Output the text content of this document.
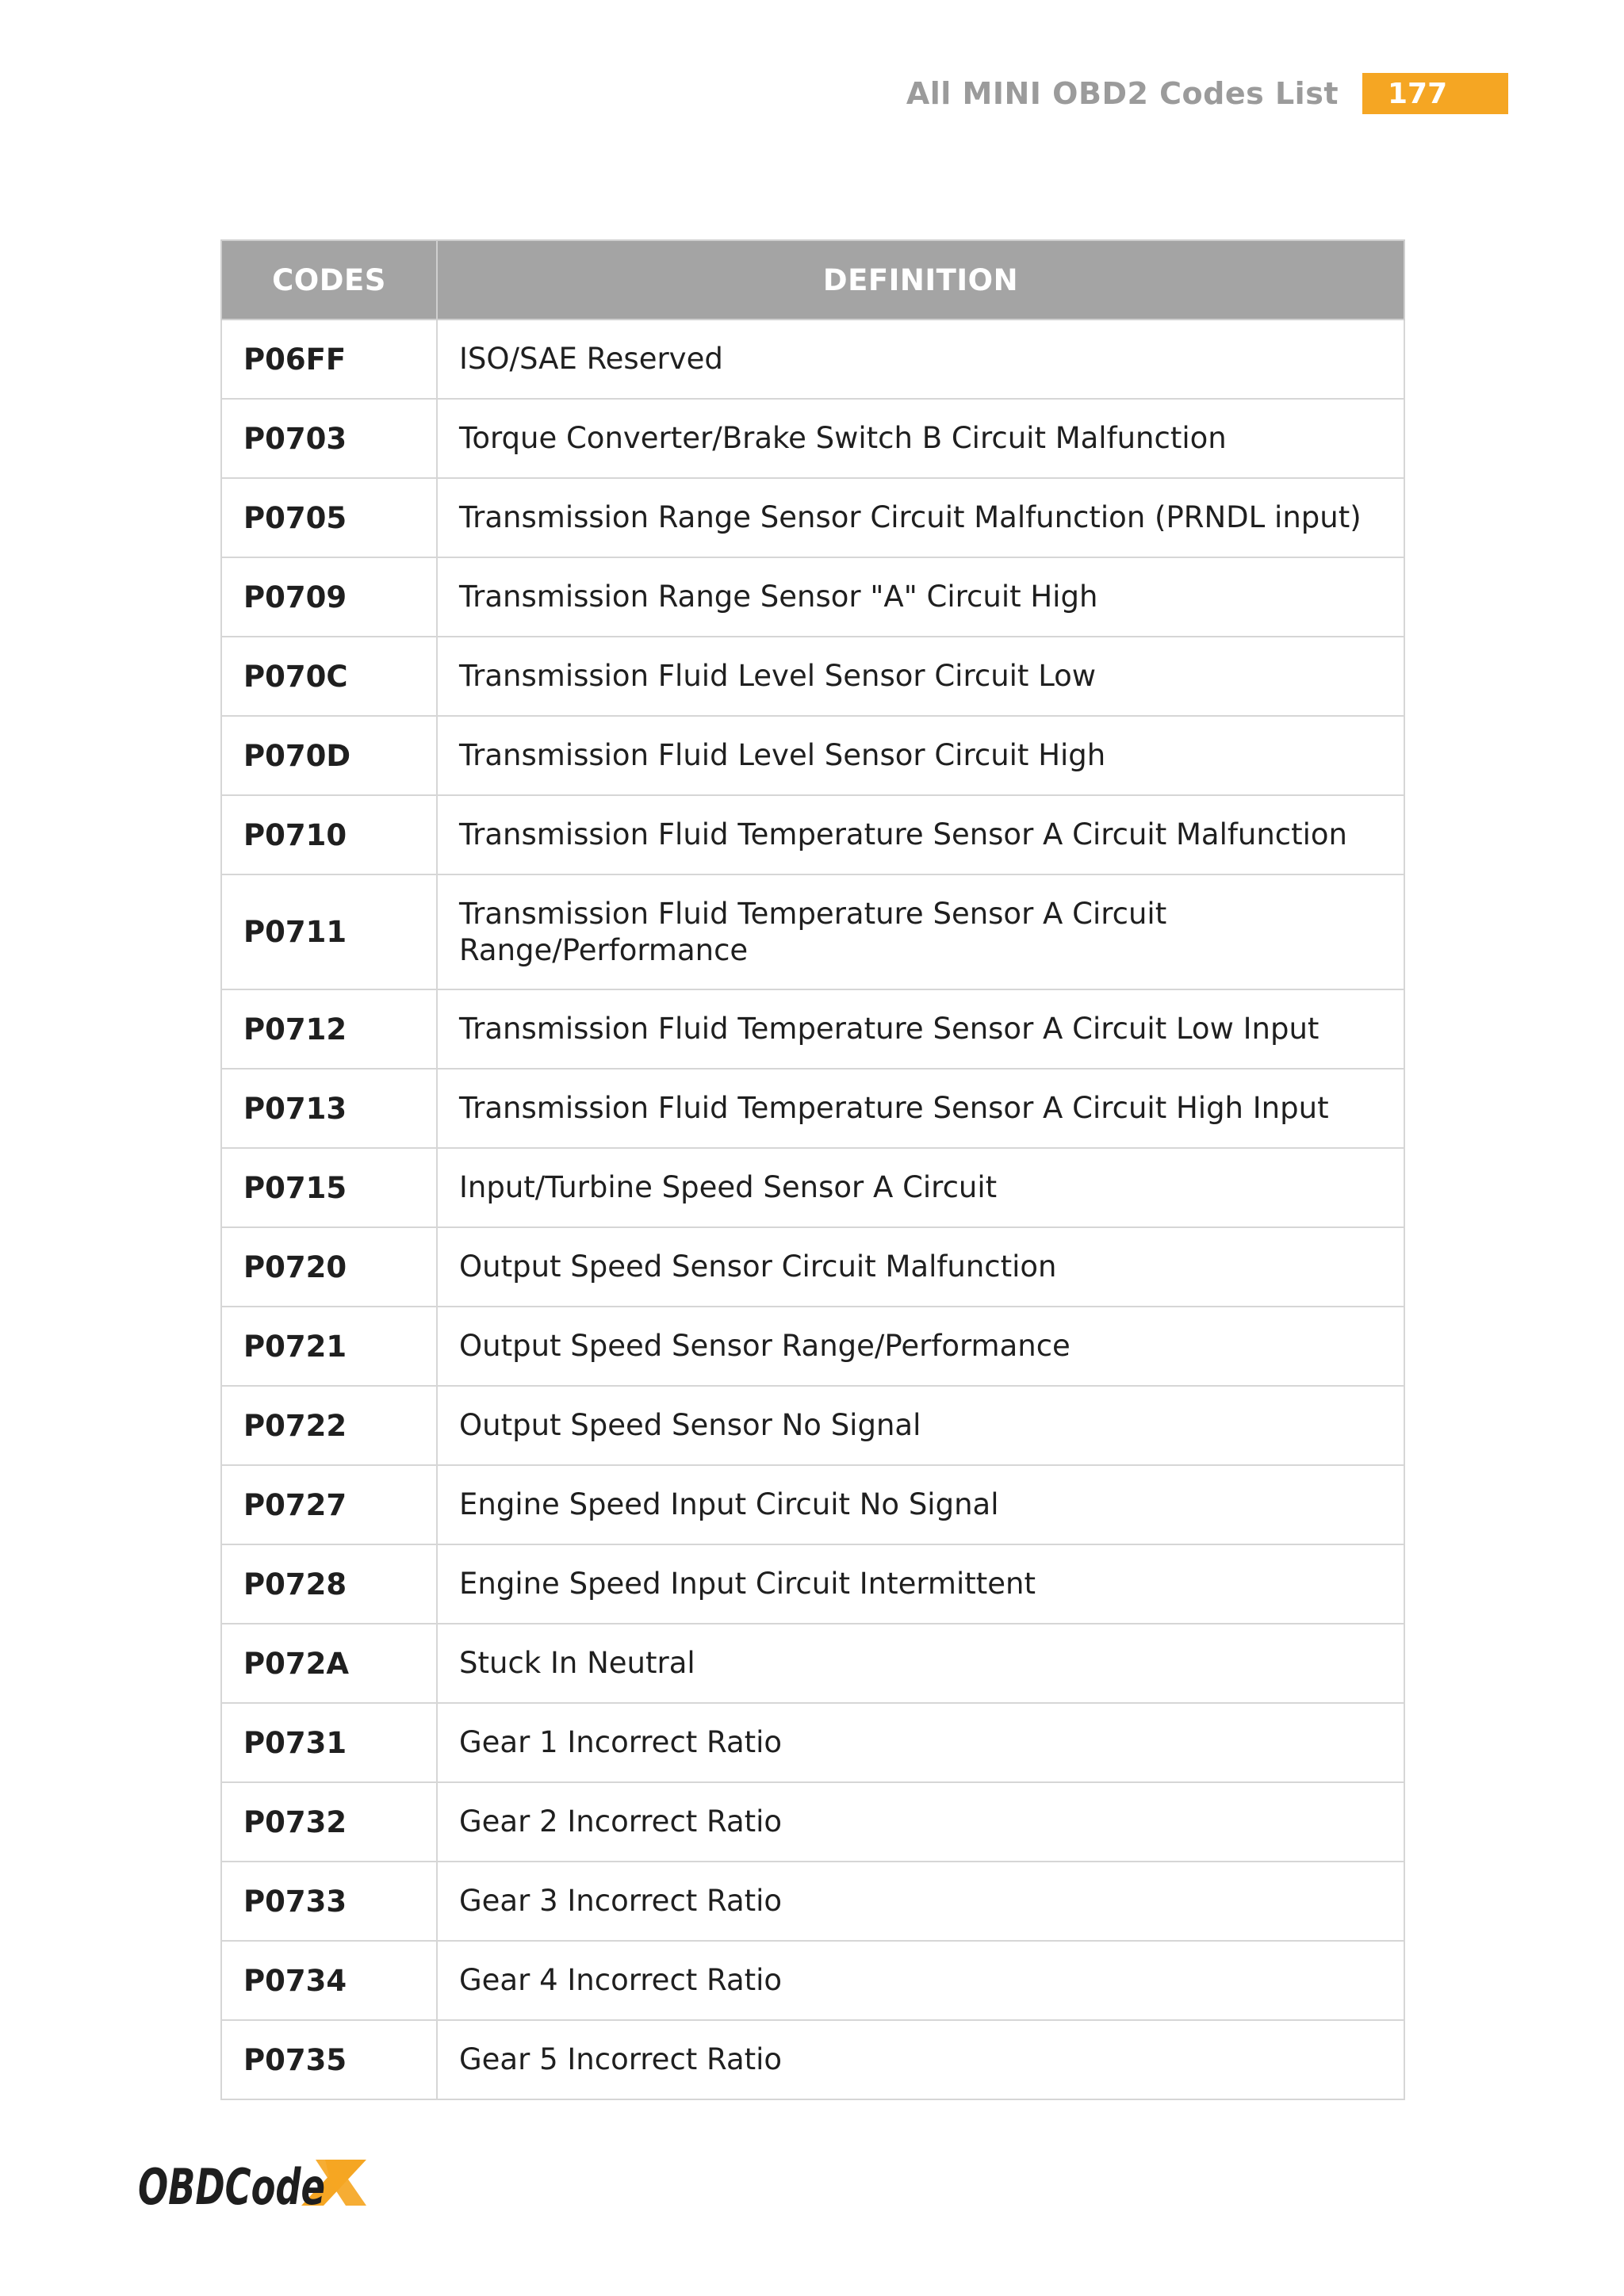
All MINI OBD2 Codes List	177
CODES	DEFINITION
P06FF	ISO/SAE Reserved
P0703	Torque Converter/Brake Switch B Circuit Malfunction
P0705	Transmission Range Sensor Circuit Malfunction (PRNDL input)
P0709	Transmission Range Sensor "A" Circuit High
P070C	Transmission Fluid Level Sensor Circuit Low
P070D	Transmission Fluid Level Sensor Circuit High
P0710	Transmission Fluid Temperature Sensor A Circuit Malfunction
P0711	Transmission Fluid Temperature Sensor A Circuit Range/Performance
P0712	Transmission Fluid Temperature Sensor A Circuit Low Input
P0713	Transmission Fluid Temperature Sensor A Circuit High Input
P0715	Input/Turbine Speed Sensor A Circuit
P0720	Output Speed Sensor Circuit Malfunction
P0721	Output Speed Sensor Range/Performance
P0722	Output Speed Sensor No Signal
P0727	Engine Speed Input Circuit No Signal
P0728	Engine Speed Input Circuit Intermittent
P072A	Stuck In Neutral
P0731	Gear 1 Incorrect Ratio
P0732	Gear 2 Incorrect Ratio
P0733	Gear 3 Incorrect Ratio
P0734	Gear 4 Incorrect Ratio
P0735	Gear 5 Incorrect Ratio
OBDCode
